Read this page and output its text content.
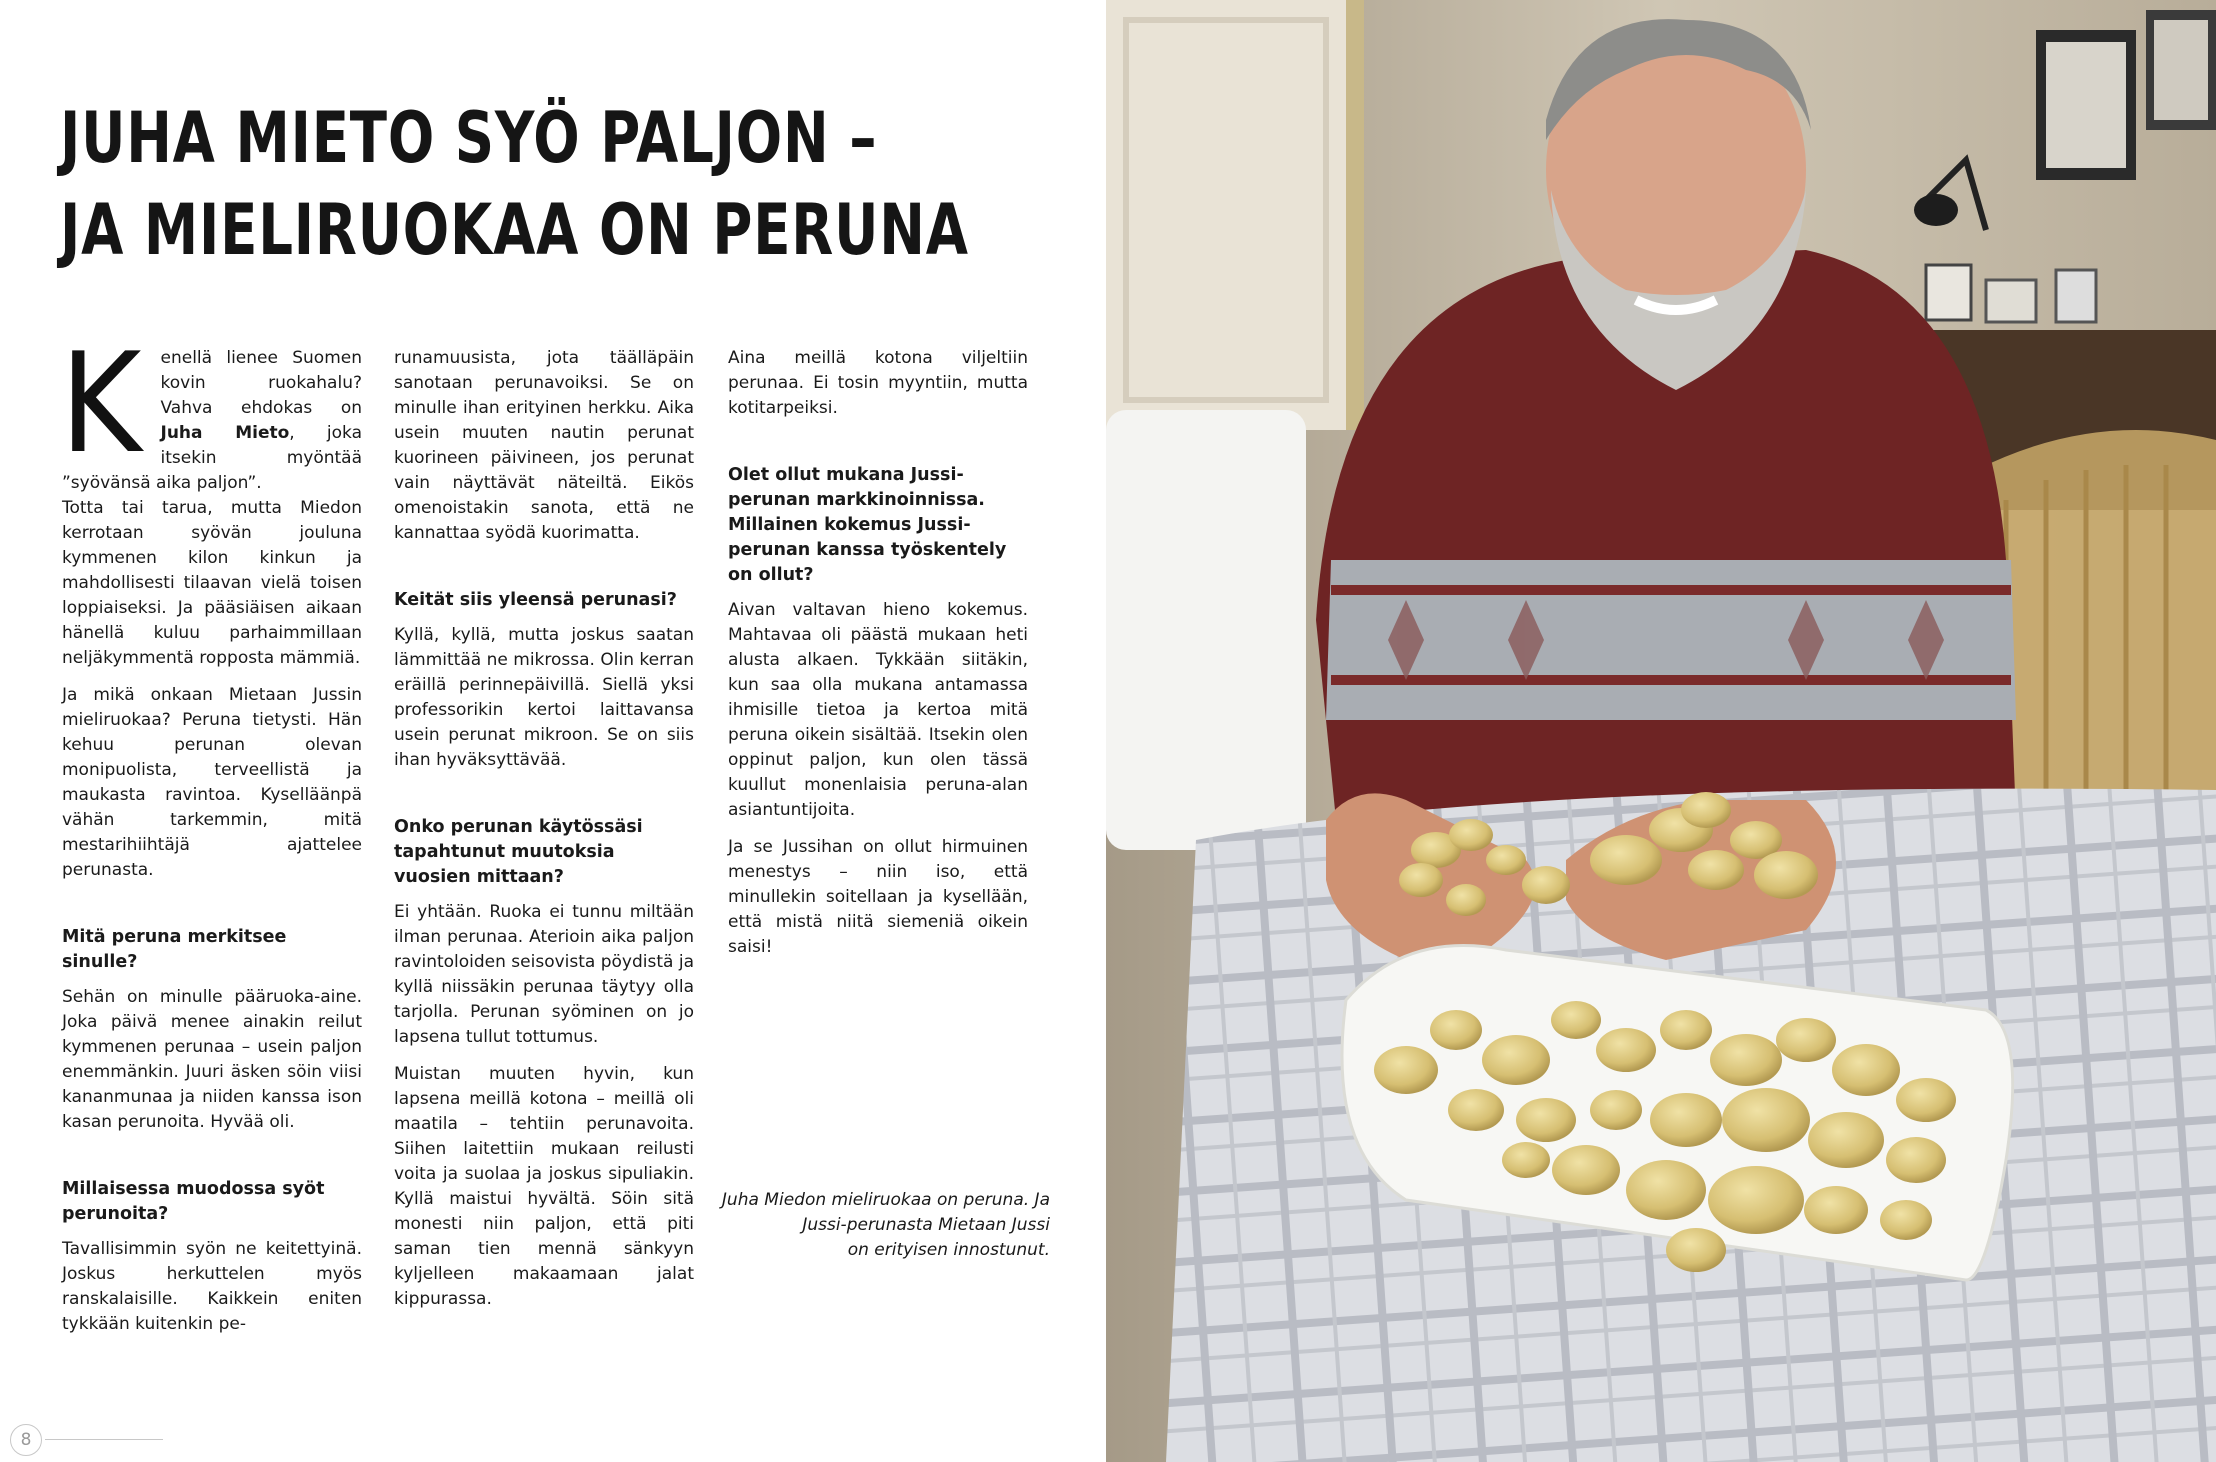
JUHA MIETO SYÖ PALJON –
JA MIELIRUOKAA ON PERUNA
K	enellä lienee Suomen kovin ruokahalu? Vahva ehdokas on Juha Mieto, joka itsekin myöntää ”syövänsä aika paljon”.

Totta tai tarua, mutta Miedon kerrotaan syövän jouluna kymmenen kilon kinkun ja mahdollisesti tilaavan vielä toisen loppiaiseksi. Ja pääsiäisen aikaan hänellä kuluu parhaimmillaan neljäkymmentä ropposta mämmiä.

Ja mikä onkaan Mietaan Jussin mieliruokaa? Peruna tietysti. Hän kehuu perunan olevan monipuolista, terveellistä ja maukasta ravintoa. Kyselläänpä vähän tarkemmin, mitä mestarihiihtäjä ajattelee perunasta.

Mitä peruna merkitsee sinulle?

Sehän on minulle pääruoka-aine. Joka päivä menee ainakin reilut kymmenen perunaa – usein paljon enemmänkin. Juuri äsken söin viisi kananmunaa ja niiden kanssa ison kasan perunoita. Hyvää oli.

Millaisessa muodossa syöt perunoita?

Tavallisimmin syön ne keitettyinä. Joskus herkuttelen myös ranskalaisille. Kaikkein eniten tykkään kuitenkin pe-

runamuusista, jota täälläpäin sanotaan perunavoiksi. Se on minulle ihan erityinen herkku. Aika usein muuten nautin perunat kuorineen päivineen, jos perunat vain näyttävät näteiltä. Eikös omenoistakin sanota, että ne kannattaa syödä kuorimatta.

Keität siis yleensä perunasi?

Kyllä, kyllä, mutta joskus saatan lämmittää ne mikrossa. Olin kerran eräillä perinnepäivillä. Siellä yksi professorikin kertoi laittavansa usein perunat mikroon. Se on siis ihan hyväksyttävää.

Onko perunan käytössäsi tapahtunut muutoksia vuosien mittaan?

Ei yhtään. Ruoka ei tunnu miltään ilman perunaa. Aterioin aika paljon ravintoloiden seisovista pöydistä ja kyllä niissäkin perunaa täytyy olla tarjolla. Perunan syöminen on jo lapsena tullut tottumus.

Muistan muuten hyvin, kun lapsena meillä kotona – meillä oli maatila – tehtiin perunavoita. Siihen laitettiin mukaan reilusti voita ja suolaa ja joskus sipuliakin. Kyllä maistui hyvältä. Söin sitä monesti niin paljon, että piti saman tien mennä sänkyyn kyljelleen makaamaan jalat kippurassa.

Aina meillä kotona viljeltiin perunaa. Ei tosin myyntiin, mutta kotitarpeiksi.

Olet ollut mukana Jussi-perunan markkinoinnissa. Millainen kokemus Jussi-perunan kanssa työskentely on ollut?

Aivan valtavan hieno kokemus. Mahtavaa oli päästä mukaan heti alusta alkaen. Tykkään siitäkin, kun saa olla mukana antamassa ihmisille tietoa ja kertoa mitä peruna oikein sisältää. Itsekin olen oppinut paljon, kun olen tässä kuullut monenlaisia peruna-alan asiantuntijoita.

Ja se Jussihan on ollut hirmuinen menestys – niin iso, että minullekin soitellaan ja kysellään, että mistä niitä siemeniä oikein saisi!

Juha Miedon mieliruokaa on peruna. Ja
Jussi-perunasta Mietaan Jussi
on erityisen innostunut.
8
